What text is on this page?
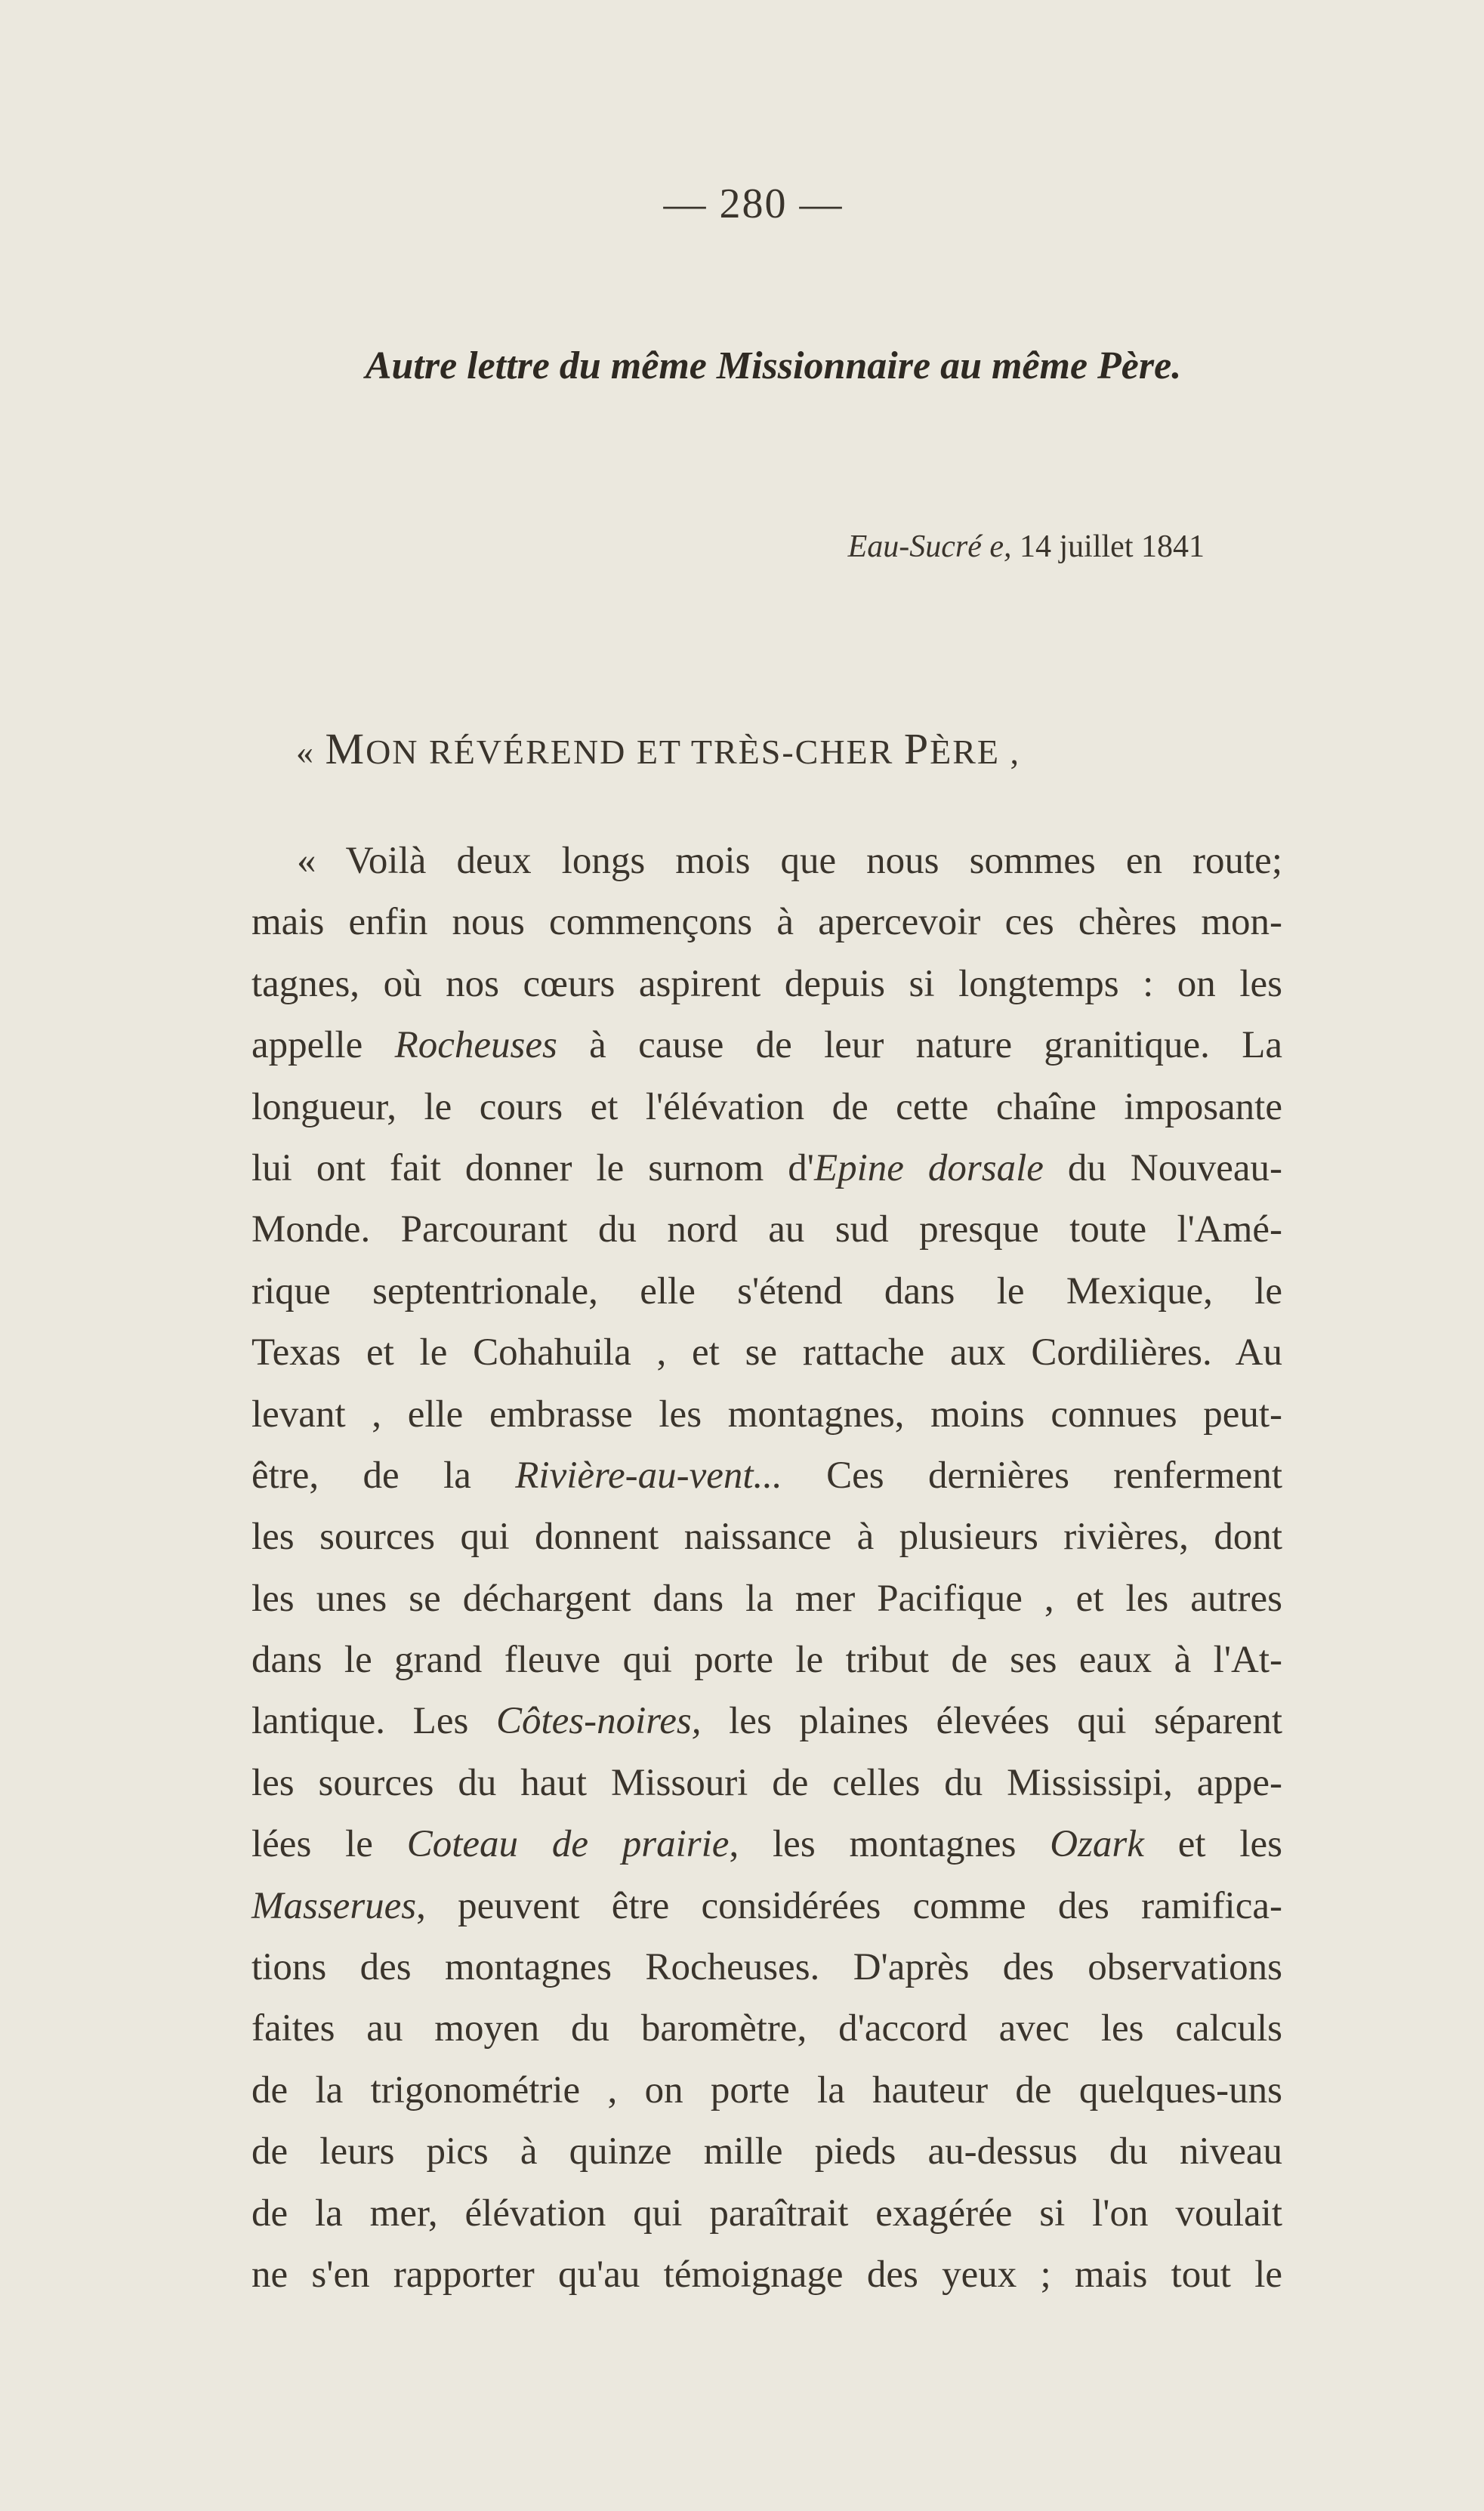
— 280 —
Autre lettre du même Missionnaire au même Père.
Eau-Sucré e, 14 juillet 1841
« MON RÉVÉREND ET TRÈS-CHER PÈRE ,
« Voilà deux longs mois que nous sommes en route;
mais enfin nous commençons à apercevoir ces chères mon-
tagnes, où nos cœurs aspirent depuis si longtemps : on les
appelle Rocheuses à cause de leur nature granitique. La
longueur, le cours et l'élévation de cette chaîne imposante
lui ont fait donner le surnom d'Epine dorsale du Nouveau-
Monde. Parcourant du nord au sud presque toute l'Amé-
rique septentrionale, elle s'étend dans le Mexique, le
Texas et le Cohahuila , et se rattache aux Cordilières. Au
levant , elle embrasse les montagnes, moins connues peut-
être, de la Rivière-au-vent... Ces dernières renferment
les sources qui donnent naissance à plusieurs rivières, dont
les unes se déchargent dans la mer Pacifique , et les autres
dans le grand fleuve qui porte le tribut de ses eaux à l'At-
lantique. Les Côtes-noires, les plaines élevées qui séparent
les sources du haut Missouri de celles du Mississipi, appe-
lées le Coteau de prairie, les montagnes Ozark et les
Masserues, peuvent être considérées comme des ramifica-
tions des montagnes Rocheuses. D'après des observations
faites au moyen du baromètre, d'accord avec les calculs
de la trigonométrie , on porte la hauteur de quelques-uns
de leurs pics à quinze mille pieds au-dessus du niveau
de la mer, élévation qui paraîtrait exagérée si l'on voulait
ne s'en rapporter qu'au témoignage des yeux ; mais tout le
